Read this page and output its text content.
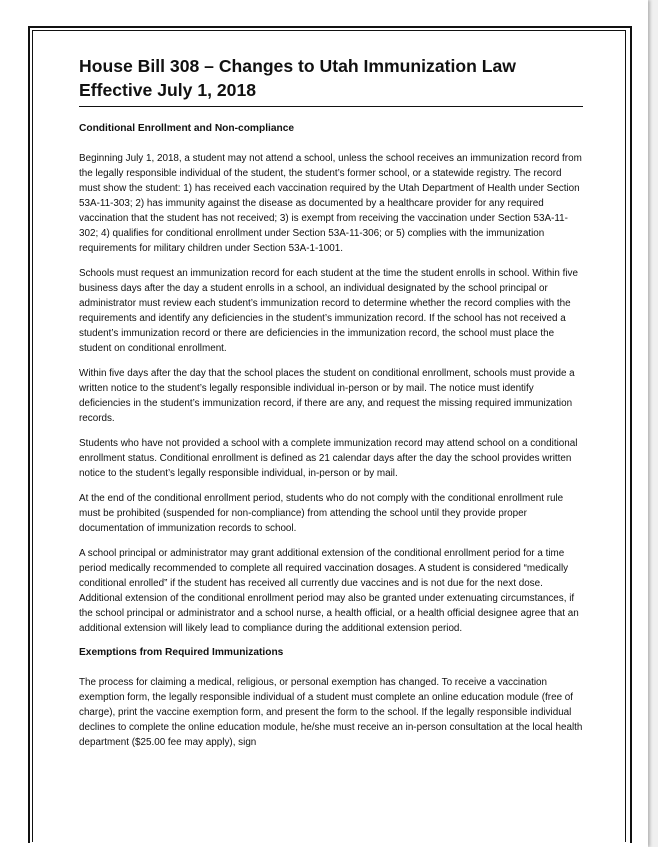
House Bill 308 – Changes to Utah Immunization Law
Effective July 1, 2018
Conditional Enrollment and Non-compliance

Beginning July 1, 2018, a student may not attend a school, unless the school receives an immunization record from the legally responsible individual of the student, the student’s former school, or a statewide registry. The record must show the student: 1) has received each vaccination required by the Utah Department of Health under Section 53A-11-303; 2) has immunity against the disease as documented by a healthcare provider for any required vaccination that the student has not received; 3) is exempt from receiving the vaccination under Section 53A-11-302; 4) qualifies for conditional enrollment under Section 53A-11-306; or 5) complies with the immunization requirements for military children under Section 53A-1-1001.

Schools must request an immunization record for each student at the time the student enrolls in school. Within five business days after the day a student enrolls in a school, an individual designated by the school principal or administrator must review each student’s immunization record to determine whether the record complies with the requirements and identify any deficiencies in the student’s immunization record. If the school has not received a student’s immunization record or there are deficiencies in the immunization record, the school must place the student on conditional enrollment.

Within five days after the day that the school places the student on conditional enrollment, schools must provide a written notice to the student’s legally responsible individual in-person or by mail. The notice must identify deficiencies in the student’s immunization record, if there are any, and request the missing required immunization records.

Students who have not provided a school with a complete immunization record may attend school on a conditional enrollment status. Conditional enrollment is defined as 21 calendar days after the day the school provides written notice to the student’s legally responsible individual, in-person or by mail.

At the end of the conditional enrollment period, students who do not comply with the conditional enrollment rule must be prohibited (suspended for non-compliance) from attending the school until they provide proper documentation of immunization records to school.

A school principal or administrator may grant additional extension of the conditional enrollment period for a time period medically recommended to complete all required vaccination dosages. A student is considered “medically conditional enrolled” if the student has received all currently due vaccines and is not due for the next dose. Additional extension of the conditional enrollment period may also be granted under extenuating circumstances, if the school principal or administrator and a school nurse, a health official, or a health official designee agree that an additional extension will likely lead to compliance during the additional extension period.

Exemptions from Required Immunizations

The process for claiming a medical, religious, or personal exemption has changed. To receive a vaccination exemption form, the legally responsible individual of a student must complete an online education module (free of charge), print the vaccine exemption form, and present the form to the school. If the legally responsible individual declines to complete the online education module, he/she must receive an in-person consultation at the local health department ($25.00 fee may apply), sign
